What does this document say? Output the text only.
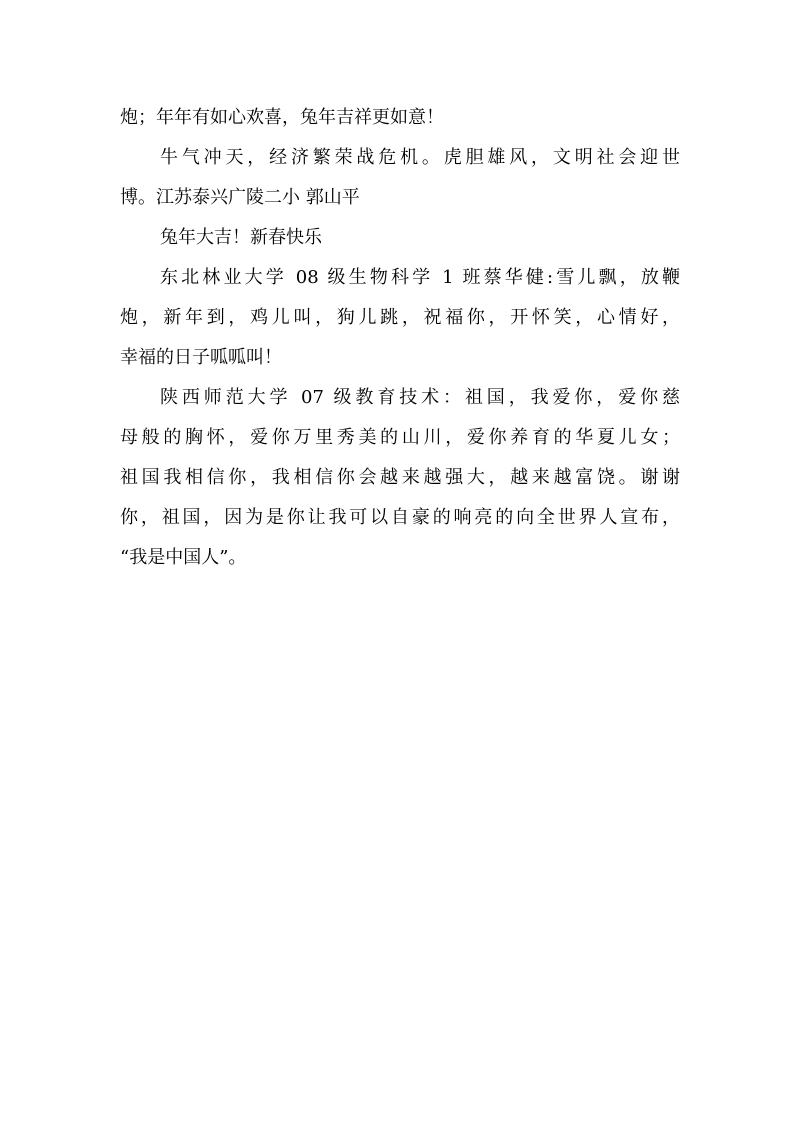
炮；年年有如心欢喜，兔年吉祥更如意！
牛气冲天，经济繁荣战危机。虎胆雄风，文明社会迎世
博。江苏泰兴广陵二小 郭山平
兔年大吉！新春快乐
东北林业大学 08 级生物科学 1 班蔡华健:雪儿飘，放鞭
炮，新年到，鸡儿叫，狗儿跳，祝福你，开怀笑，心情好，
幸福的日子呱呱叫！
陕西师范大学 07 级教育技术：祖国，我爱你，爱你慈
母般的胸怀，爱你万里秀美的山川，爱你养育的华夏儿女；
祖国我相信你，我相信你会越来越强大，越来越富饶。谢谢
你，祖国，因为是你让我可以自豪的响亮的向全世界人宣布，
“我是中国人”。
